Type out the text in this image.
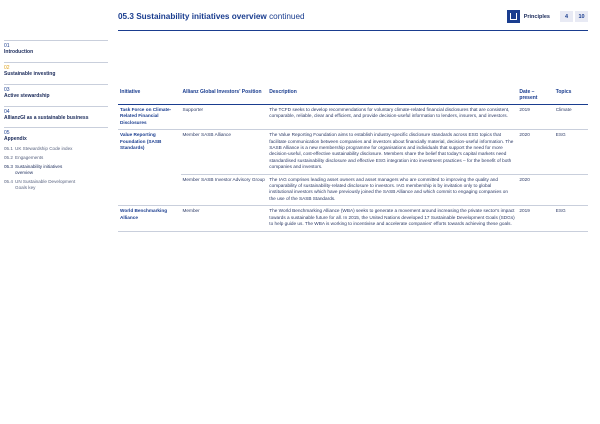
01
Introduction
02
Sustainable investing
03
Active stewardship
04
AllianzGI as a sustainable business
05
Appendix
05.1 UK Stewardship Code index
05.2 Engagements
05.3 Sustainability initiatives overview
05.4 UN Sustainable Development Goals key
05.3 Sustainability initiatives overview continued	Principles	4	10
Initiative	Allianz Global Investors' Position	Description	Date – present	Topics
Task Force on Climate-Related Financial Disclosures	Supporter	The TCFD seeks to develop recommendations for voluntary climate-related financial disclosures that are consistent, comparable, reliable, clear and efficient, and provide decision-useful information to lenders, insurers, and investors.	2019	Climate
Value Reporting Foundation (SASB Standards)	Member SASB Alliance	The Value Reporting Foundation aims to establish industry-specific disclosure standards across ESG topics that facilitate communication between companies and investors about financially material, decision-useful information. The SASB Alliance is a new membership programme for organisations and individuals that support the need for more decision-useful, cost-effective sustainability disclosure. Members share the belief that today's capital markets need standardised sustainability disclosure and effective ESG integration into investment practices – for the benefit of both companies and investors.	2020	ESG
	Member SASB Investor Advisory Group	The IAG comprises leading asset owners and asset managers who are committed to improving the quality and comparability of sustainability-related disclosure to investors. IAG membership is by invitation only to global institutional investors which have previously joined the SASB Alliance and which commit to engaging companies on the use of the SASB Standards.	2020	
World Benchmarking Alliance	Member	The World Benchmarking Alliance (WBA) seeks to generate a movement around increasing the private sector's impact towards a sustainable future for all. In 2015, the United Nations developed 17 Sustainable Development Goals (SDGs) to help guide us. The WBA is working to incentivise and accelerate companies' efforts towards achieving these goals.	2019	ESG
